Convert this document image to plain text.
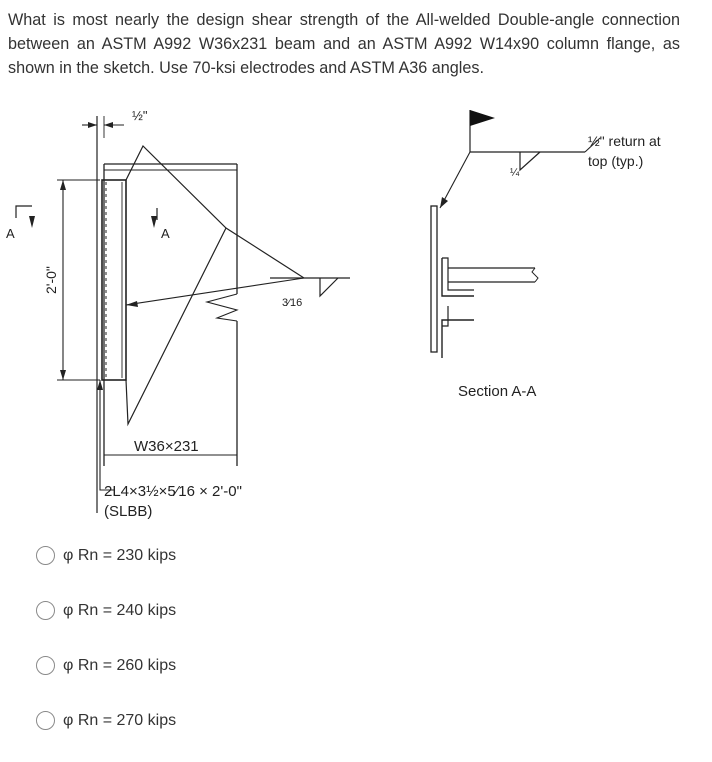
What is most nearly the design shear strength of the All-welded Double-angle connection between an ASTM A992 W36x231 beam and an ASTM A992 W14x90 column flange, as shown in the sketch. Use 70-ksi electrodes and ASTM A36 angles.
½"
A	A
2'-0"
3⁄16
W36×231
2L4×3½×5⁄16 × 2'-0"
(SLBB)
¼
½" return at
top (typ.)
Section A-A
φ Rn = 230 kips
φ Rn = 240 kips
φ Rn = 260 kips
φ Rn = 270 kips
